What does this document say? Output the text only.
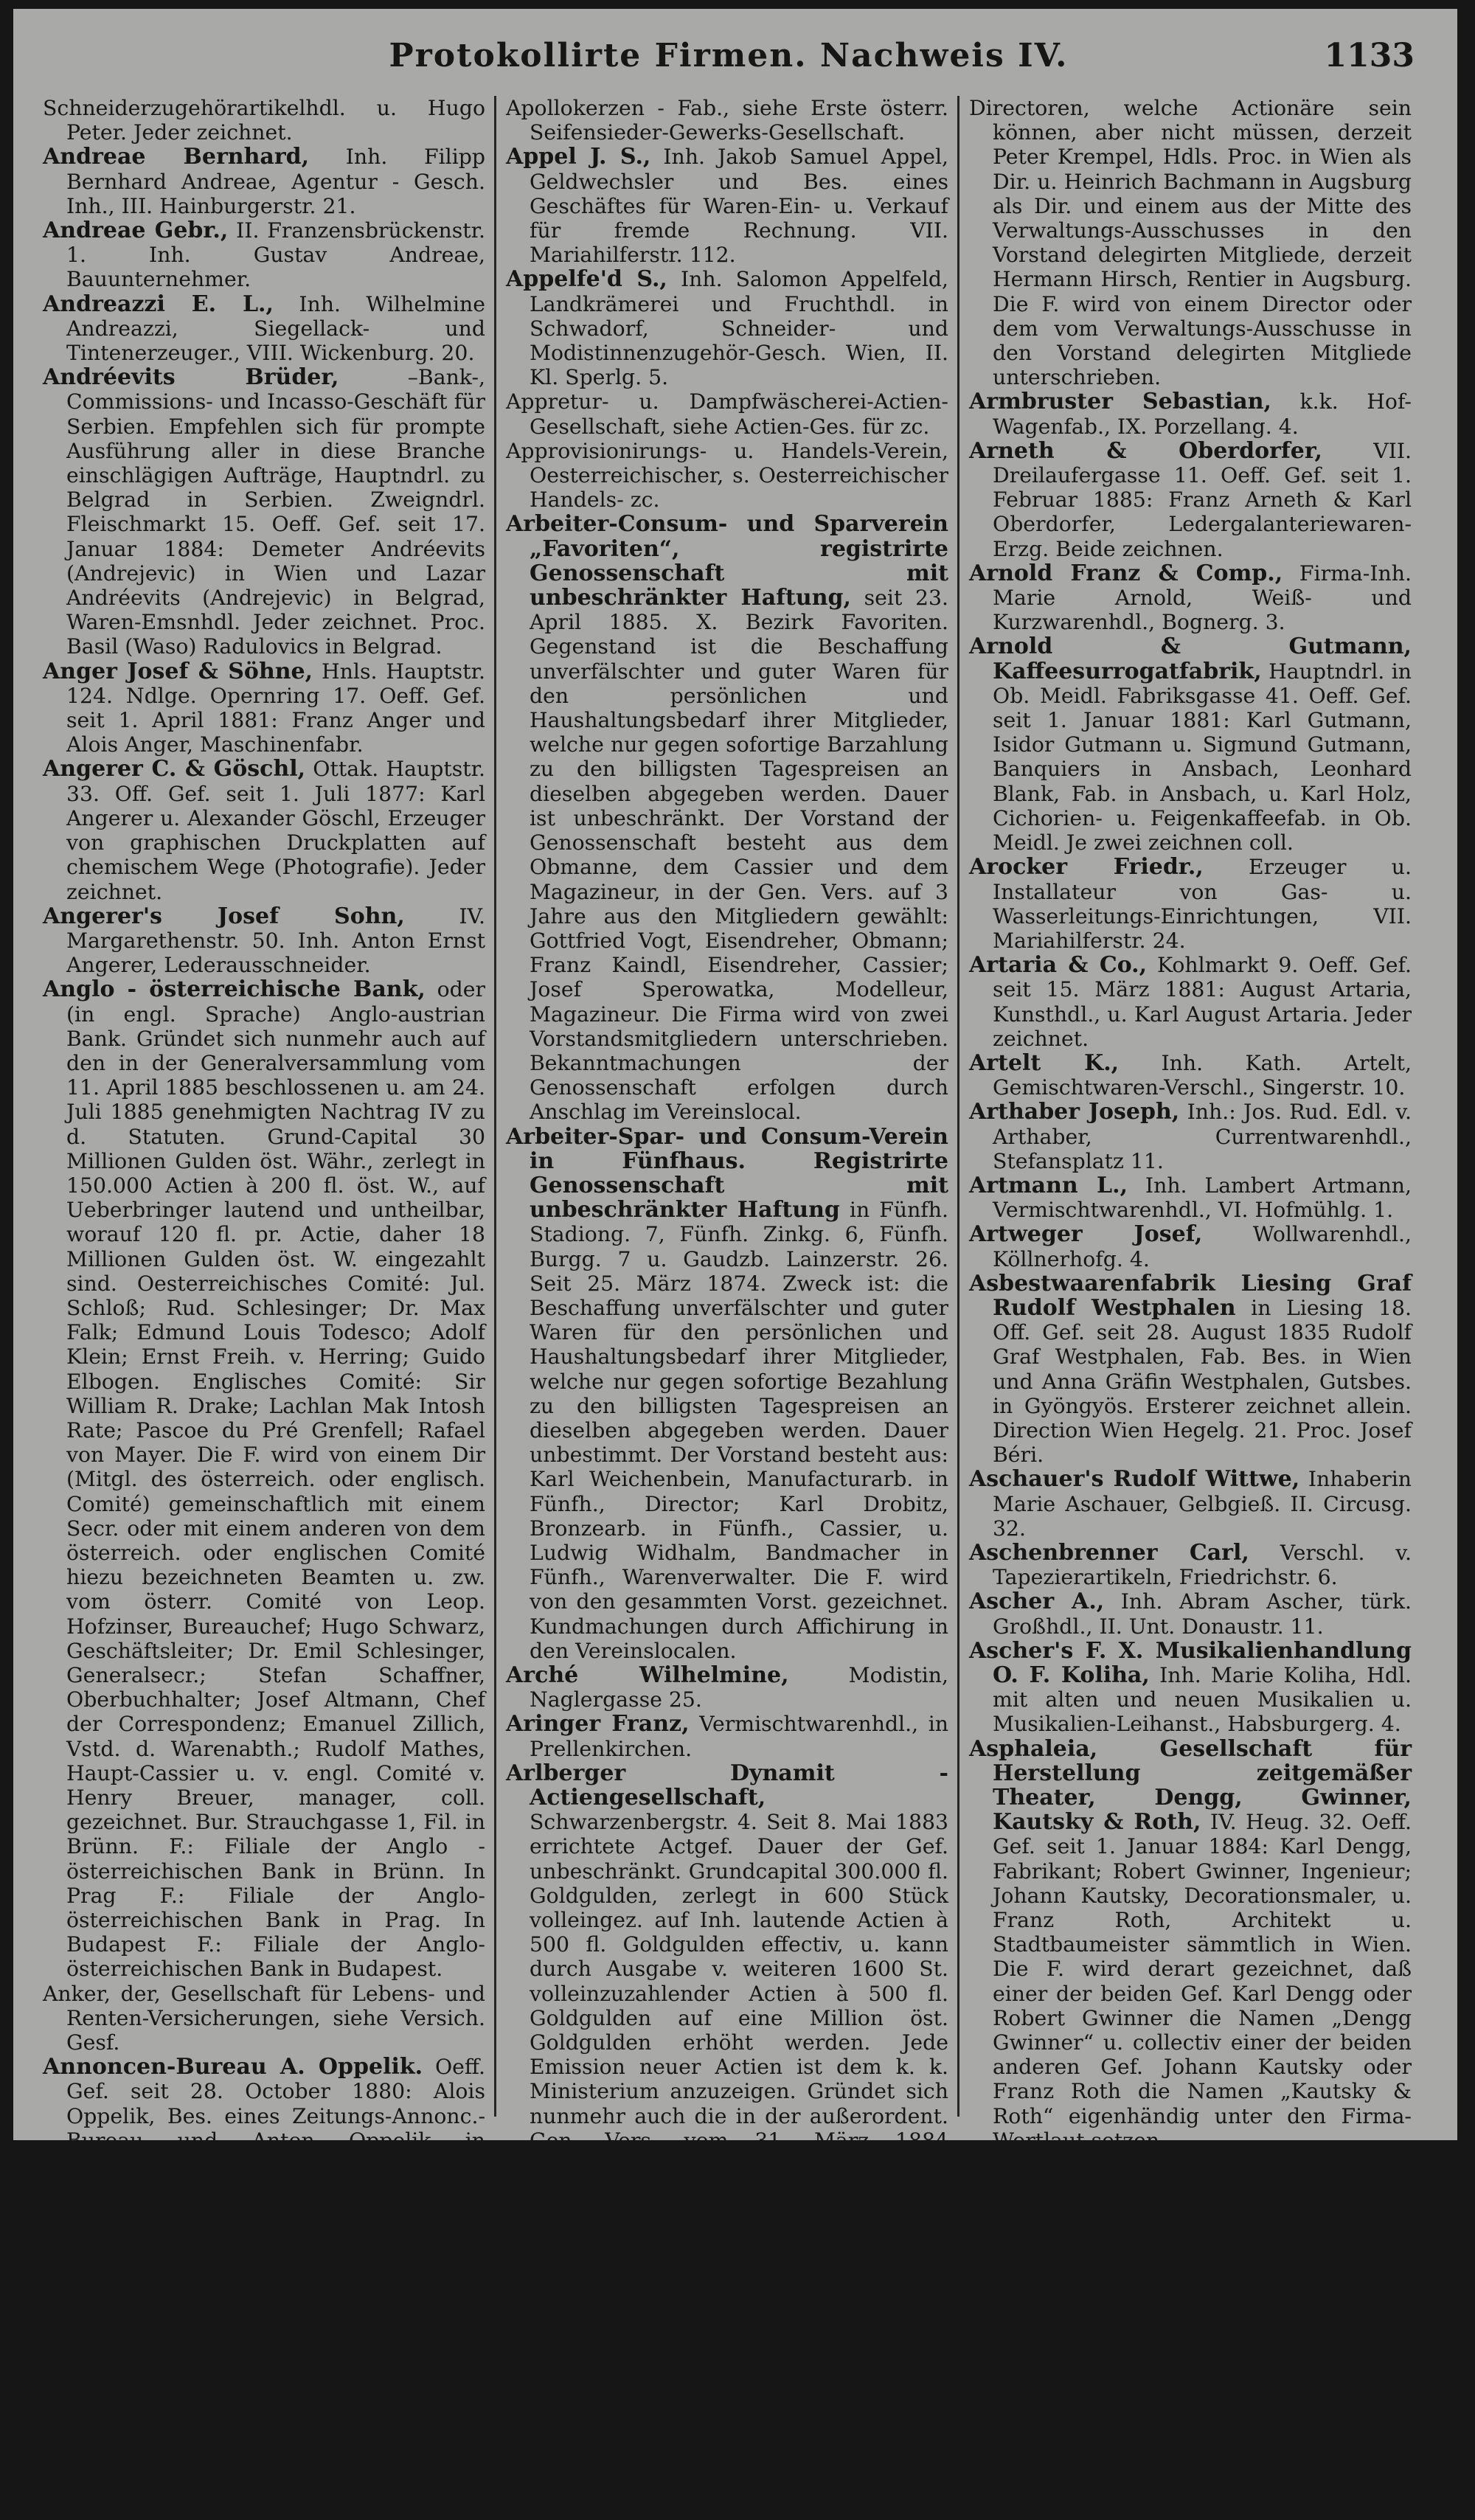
Protokollirte Firmen. Nachweis IV.	1133

Schneiderzugehörartikelhdl. u. Hugo Peter. Jeder zeichnet.

Andreae Bernhard, Inh. Filipp Bernhard Andreae, Agentur - Gesch. Inh., III. Hainburgerstr. 21.

Andreae Gebr., II. Franzensbrückenstr. 1. Inh. Gustav Andreae, Bauunternehmer.

Andreazzi E. L., Inh. Wilhelmine Andreazzi, Siegellack- und Tintenerzeuger., VIII. Wickenburg. 20.

Andréevits Brüder,	–Bank-, Commissions- und Incasso-Geschäft für Serbien. Empfehlen sich für prompte Ausführung aller in diese Branche einschlägigen Aufträge, Hauptndrl. zu Belgrad in Serbien. Zweigndrl. Fleischmarkt 15. Oeff. Gef. seit 17. Januar 1884: Demeter Andréevits (Andrejevic) in Wien und Lazar Andréevits (Andrejevic) in Belgrad, Waren-Emsnhdl. Jeder zeichnet. Proc. Basil (Waso) Radulovics in Belgrad.

Anger Josef & Söhne, Hnls. Hauptstr. 124. Ndlge. Opernring 17. Oeff. Gef. seit 1. April 1881: Franz Anger und Alois Anger, Maschinenfabr.

Angerer C. & Göschl, Ottak. Hauptstr. 33. Off. Gef. seit 1. Juli 1877: Karl Angerer u. Alexander Göschl, Erzeuger von graphischen Druckplatten auf chemischem Wege (Photografie). Jeder zeichnet.

Angerer's Josef Sohn,	IV. Margarethenstr. 50. Inh. Anton Ernst Angerer, Lederausschneider.

Anglo - österreichische Bank, oder (in engl. Sprache) Anglo-austrian Bank. Gründet sich nunmehr auch auf den in der Generalversammlung vom 11. April 1885 beschlossenen u. am 24. Juli 1885 genehmigten Nachtrag IV zu d. Statuten. Grund-Capital 30 Millionen Gulden öst. Währ., zerlegt in 150.000 Actien à 200 fl. öst. W., auf Ueberbringer lautend und untheilbar, worauf 120 fl. pr. Actie, daher 18 Millionen Gulden öst. W. eingezahlt sind. Oesterreichisches Comité: Jul. Schloß; Rud. Schlesinger; Dr. Max Falk; Edmund Louis Todesco; Adolf Klein; Ernst Freih. v. Herring; Guido Elbogen. Englisches Comité: Sir William R. Drake; Lachlan Mak Intosh Rate; Pascoe du Pré Grenfell; Rafael von Mayer. Die F. wird von einem Dir (Mitgl. des österreich. oder englisch. Comité) gemeinschaftlich mit einem Secr. oder mit einem anderen von dem österreich. oder englischen Comité hiezu bezeichneten Beamten u. zw. vom österr. Comité von Leop. Hofzinser, Bureauchef; Hugo Schwarz, Geschäftsleiter; Dr. Emil Schlesinger, Generalsecr.; Stefan Schaffner, Oberbuchhalter; Josef Altmann, Chef der Correspondenz; Emanuel Zillich, Vstd. d. Warenabth.; Rudolf Mathes, Haupt-Cassier u. v. engl. Comité v. Henry Breuer, manager, coll. gezeichnet. Bur. Strauchgasse 1, Fil. in Brünn. F.: Filiale der Anglo - österreichischen Bank in Brünn. In Prag F.: Filiale der Anglo-österreichischen Bank in Prag. In Budapest F.: Filiale der Anglo-österreichischen Bank in Budapest.

Anker, der, Gesellschaft für Lebens- und Renten-Versicherungen, siehe Versich. Gesf.

Annoncen-Bureau A. Oppelik. Oeff. Gef. seit 28. October 1880: Alois Oppelik, Bes. eines Zeitungs-Annonc.-Bureau und Anton Oppelik in Rudolfsheim. Ersterer zeichnet allein, Stubenbastei 2.

Annoncen-Expedition von Heinrich Schalek, Wollzeile 14, vom 12. Mai 1886 an Wollzeile 11.

Anton Ladislaus v., Kurzwarenhandel, Hafnersteig 5.

Apel Carl Adalbert, Exporthdl., IX. Liechtensteinstr. 63.

Apollokerzen - Fab., siehe Erste österr. Seifensieder-Gewerks-Gesellschaft.

Appel J. S., Inh. Jakob Samuel Appel, Geldwechsler und Bes. eines Geschäftes für Waren-Ein- u. Verkauf für fremde Rechnung. VII. Mariahilferstr. 112.

Appelfe'd S., Inh. Salomon Appelfeld, Landkrämerei und Fruchthdl. in Schwadorf, Schneider- und Modistinnenzugehör-Gesch. Wien, II. Kl. Sperlg. 5.

Appretur- u. Dampfwäscherei-Actien-Gesellschaft, siehe Actien-Ges. für zc.

Approvisionirungs- u. Handels-Verein, Oesterreichischer, s. Oesterreichischer Handels- zc.

Arbeiter-Consum- und Sparverein „Favoriten“, registrirte Genossenschaft mit unbeschränkter Haftung, seit 23. April 1885. X. Bezirk Favoriten. Gegenstand ist die Beschaffung unverfälschter und guter Waren für den persönlichen und Haushaltungsbedarf ihrer Mitglieder, welche nur gegen sofortige Barzahlung zu den billigsten Tagespreisen an dieselben abgegeben werden. Dauer ist unbeschränkt. Der Vorstand der Genossenschaft besteht aus dem Obmanne, dem Cassier und dem Magazineur, in der Gen. Vers. auf 3 Jahre aus den Mitgliedern gewählt: Gottfried Vogt, Eisendreher, Obmann; Franz Kaindl, Eisendreher, Cassier; Josef Sperowatka, Modelleur, Magazineur. Die Firma wird von zwei Vorstandsmitgliedern unterschrieben. Bekanntmachungen der Genossenschaft erfolgen durch Anschlag im Vereinslocal.

Arbeiter-Spar- und Consum-Verein in Fünfhaus. Registrirte Genossenschaft mit unbeschränkter Haftung in Fünfh. Stadiong. 7, Fünfh. Zinkg. 6, Fünfh. Burgg. 7 u. Gaudzb. Lainzerstr. 26. Seit 25. März 1874. Zweck ist: die Beschaffung unverfälschter und guter Waren für den persönlichen und Haushaltungsbedarf ihrer Mitglieder, welche nur gegen sofortige Bezahlung zu den billigsten Tagespreisen an dieselben abgegeben werden. Dauer unbestimmt. Der Vorstand besteht aus: Karl Weichenbein, Manufacturarb. in Fünfh., Director; Karl Drobitz, Bronzearb. in Fünfh., Cassier, u. Ludwig Widhalm, Bandmacher in Fünfh., Warenverwalter. Die F. wird von den gesammten Vorst. gezeichnet. Kundmachungen durch Affichirung in den Vereinslocalen.

Arché Wilhelmine,	Modistin, Naglergasse 25.

Aringer Franz, Vermischtwarenhdl., in Prellenkirchen.

Arlberger Dynamit - Actiengesellschaft, Schwarzenbergstr. 4. Seit 8. Mai 1883 errichtete Actgef. Dauer der Gef. unbeschränkt. Grundcapital 300.000 fl. Goldgulden, zerlegt in 600 Stück volleingez. auf Inh. lautende Actien à 500 fl. Goldgulden effectiv, u. kann durch Ausgabe v. weiteren 1600 St. volleinzuzahlender Actien à 500 fl. Goldgulden auf eine Million öst. Goldgulden erhöht werden. Jede Emission neuer Actien ist dem k. k. Ministerium anzuzeigen. Gründet sich nunmehr auch die in der außerordent. Gen. Vers. vom 31. März 1884 beschlossenen, theilweise geänderten Statuten. Denselben zufolge ist der Gegenstand des Unternehmens der Erwerb und Betrieb der Dynamit-Fabrik in St. Christoph am Arlberg und die Erzeugung und der Vertrieb von Sprengmitteln und sprengtechnischen Artikeln, sowie die Fabrication der hiezu erforderlichen Hilfsmaterialien und die Verarbeitung der Abfallproducte nach Maßgabe und gegen die bestehenden gesetzlichen Gesetze und Verordnungen. Vorstand der Gef. besteht aus einem, eventuell zwei

Directoren, welche Actionäre sein können, aber nicht müssen, derzeit Peter Krempel, Hdls. Proc. in Wien als Dir. u. Heinrich Bachmann in Augsburg als Dir. und einem aus der Mitte des Verwaltungs-Ausschusses in den Vorstand delegirten Mitgliede, derzeit Hermann Hirsch, Rentier in Augsburg. Die F. wird von einem Director oder dem vom Verwaltungs-Ausschusse in den Vorstand delegirten Mitgliede unterschrieben.

Armbruster Sebastian, k.k. Hof-Wagenfab., IX. Porzellang. 4.

Arneth & Oberdorfer, VII. Dreilaufergasse 11. Oeff. Gef. seit 1. Februar 1885: Franz Arneth & Karl Oberdorfer, Ledergalanteriewaren-Erzg. Beide zeichnen.

Arnold Franz & Comp., Firma-Inh. Marie Arnold, Weiß- und Kurzwarenhdl., Bognerg. 3.

Arnold & Gutmann, Kaffeesurrogatfabrik, Hauptndrl. in Ob. Meidl. Fabriksgasse 41. Oeff. Gef. seit 1. Januar 1881: Karl Gutmann, Isidor Gutmann u. Sigmund Gutmann, Banquiers in Ansbach, Leonhard Blank, Fab. in Ansbach, u. Karl Holz, Cichorien- u. Feigenkaffeefab. in Ob. Meidl. Je zwei zeichnen coll.

Arocker Friedr., Erzeuger u. Installateur von Gas- u. Wasserleitungs-Einrichtungen, VII. Mariahilferstr. 24.

Artaria & Co., Kohlmarkt 9. Oeff. Gef. seit 15. März 1881: August Artaria, Kunsthdl., u. Karl August Artaria. Jeder zeichnet.

Artelt K., Inh. Kath. Artelt, Gemischtwaren-Verschl., Singerstr. 10.

Arthaber Joseph, Inh.: Jos. Rud. Edl. v. Arthaber, Currentwarenhdl., Stefansplatz 11.

Artmann L., Inh. Lambert Artmann, Vermischtwarenhdl., VI. Hofmühlg. 1.

Artweger Josef, Wollwarenhdl., Köllnerhofg. 4.

Asbestwaarenfabrik Liesing Graf Rudolf Westphalen in Liesing 18. Off. Gef. seit 28. August 1835 Rudolf Graf Westphalen, Fab. Bes. in Wien und Anna Gräfin Westphalen, Gutsbes. in Gyöngyös. Ersterer zeichnet allein. Direction Wien Hegelg. 21. Proc. Josef Béri.

Aschauer's Rudolf Wittwe, Inhaberin Marie Aschauer, Gelbgieß. II. Circusg. 32.

Aschenbrenner Carl, Verschl. v. Tapezierartikeln, Friedrichstr. 6.

Ascher A., Inh. Abram Ascher, türk. Großhdl., II. Unt. Donaustr. 11.

Ascher's F. X. Musikalienhandlung O. F. Koliha, Inh. Marie Koliha, Hdl. mit alten und neuen Musikalien u. Musikalien-Leihanst., Habsburgerg. 4.

Asphaleia, Gesellschaft für Herstellung zeitgemäßer Theater, Dengg, Gwinner, Kautsky & Roth, IV. Heug. 32. Oeff. Gef. seit 1. Januar 1884: Karl Dengg, Fabrikant; Robert Gwinner, Ingenieur; Johann Kautsky, Decorationsmaler, u. Franz Roth, Architekt u. Stadtbaumeister sämmtlich in Wien. Die F. wird derart gezeichnet, daß einer der beiden Gef. Karl Dengg oder Robert Gwinner die Namen „Dengg Gwinner“ u. collectiv einer der beiden anderen Gef. Johann Kautsky oder Franz Roth die Namen „Kautsky & Roth“ eigenhändig unter den Firma-Wortlaut setzen.

Asphalte The Neuchatel Company, s. The Neuchatel.

Asriel Brüder & Farchy, Fleischmarkt 20. Seit 1. October 1873. Gef.: Moreno D. Asriel in Belgrad, Salomon D. Asriel und Salomon R. Farchy, türk. Großhdl. Nur Salomon D. Asriel u. Salomon R. Farchy, u. zwar jeder derselben selbstständig.

Assanirungsgesellschaft, Erste österr. ung., siehe Erste österr. ung. zc.
